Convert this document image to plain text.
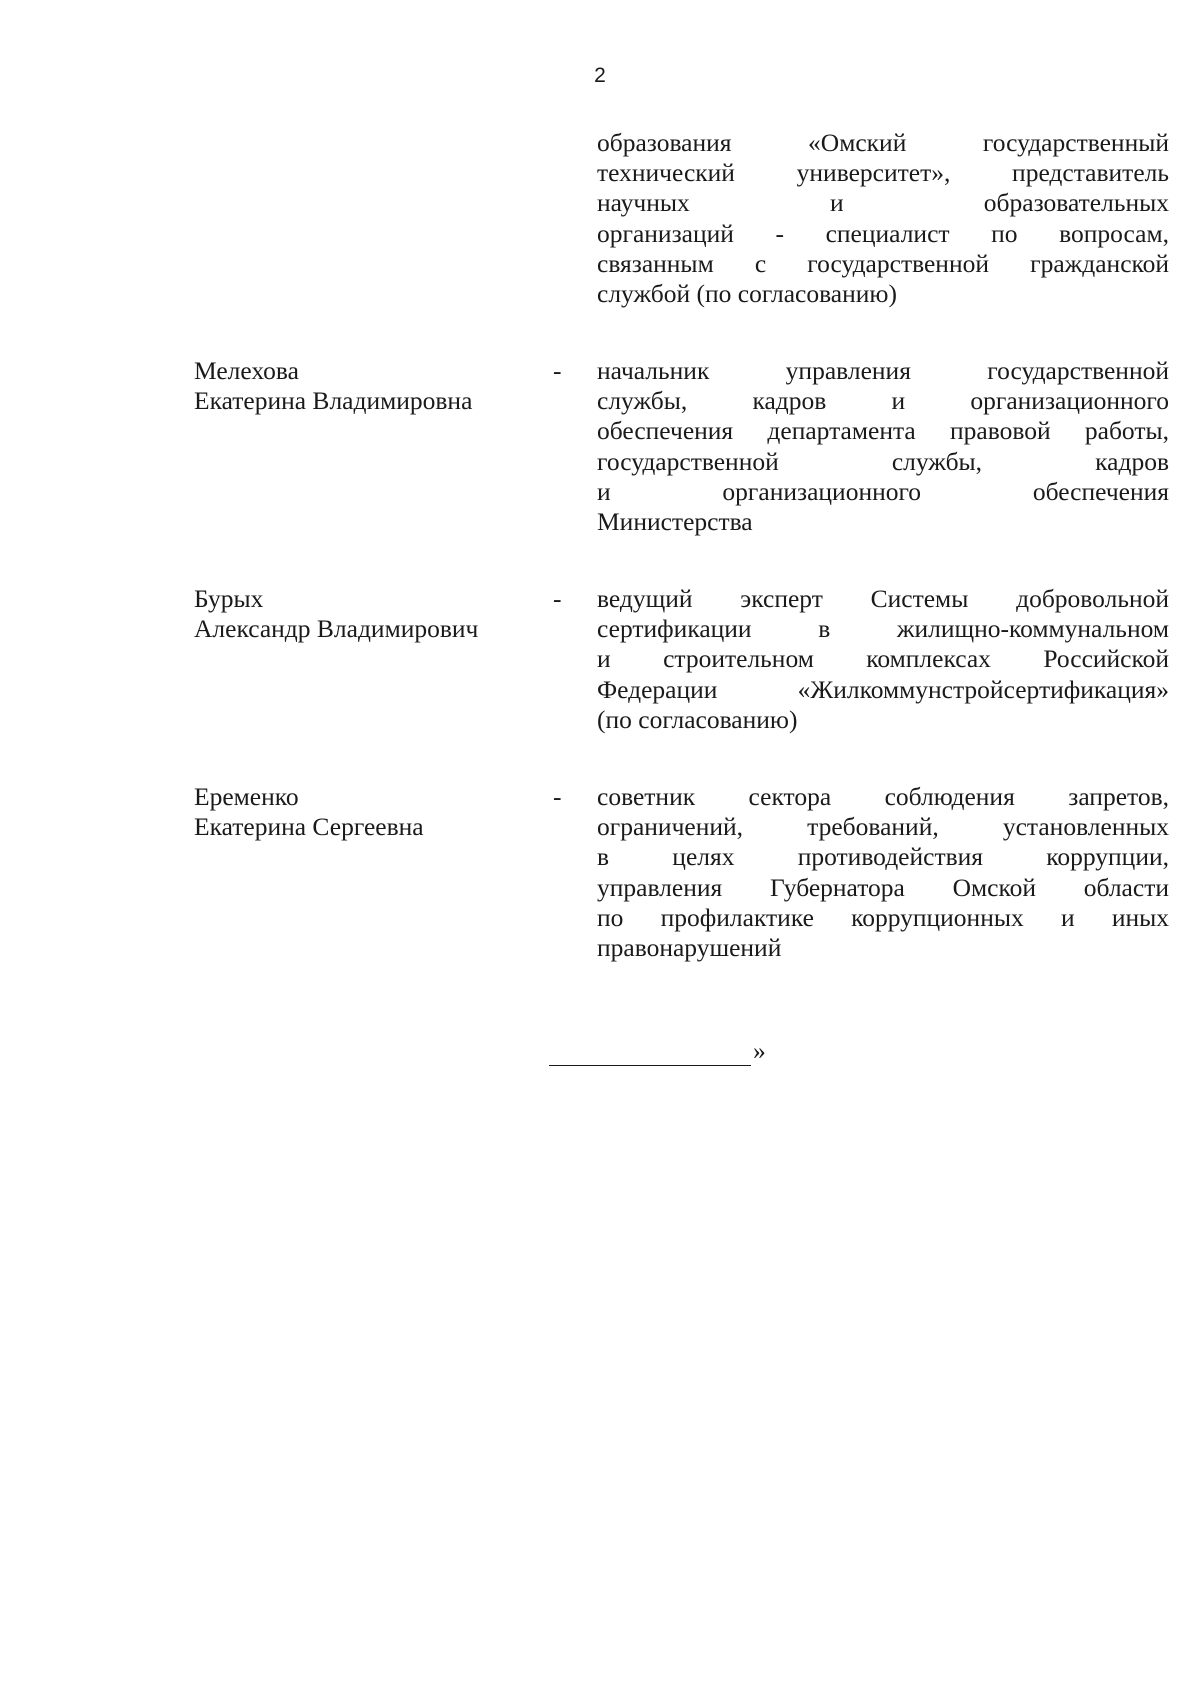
2
образования «Омский государственный
технический университет», представитель
научных и образовательных
организаций - специалист по вопросам,
связанным с государственной гражданской
службой (по согласованию)
Мелехова
Екатерина Владимировна
- начальник управления государственной
службы, кадров и организационного
обеспечения департамента правовой работы,
государственной службы, кадров
и организационного обеспечения
Министерства
Бурых
Александр Владимирович
- ведущий эксперт Системы добровольной
сертификации в жилищно-коммунальном
и строительном комплексах Российской
Федерации «Жилкоммунстройсертификация»
(по согласованию)
Еременко
Екатерина Сергеевна
- советник сектора соблюдения запретов,
ограничений, требований, установленных
в целях противодействия коррупции,
управления Губернатора Омской области
по профилактике коррупционных и иных
правонарушений
»
